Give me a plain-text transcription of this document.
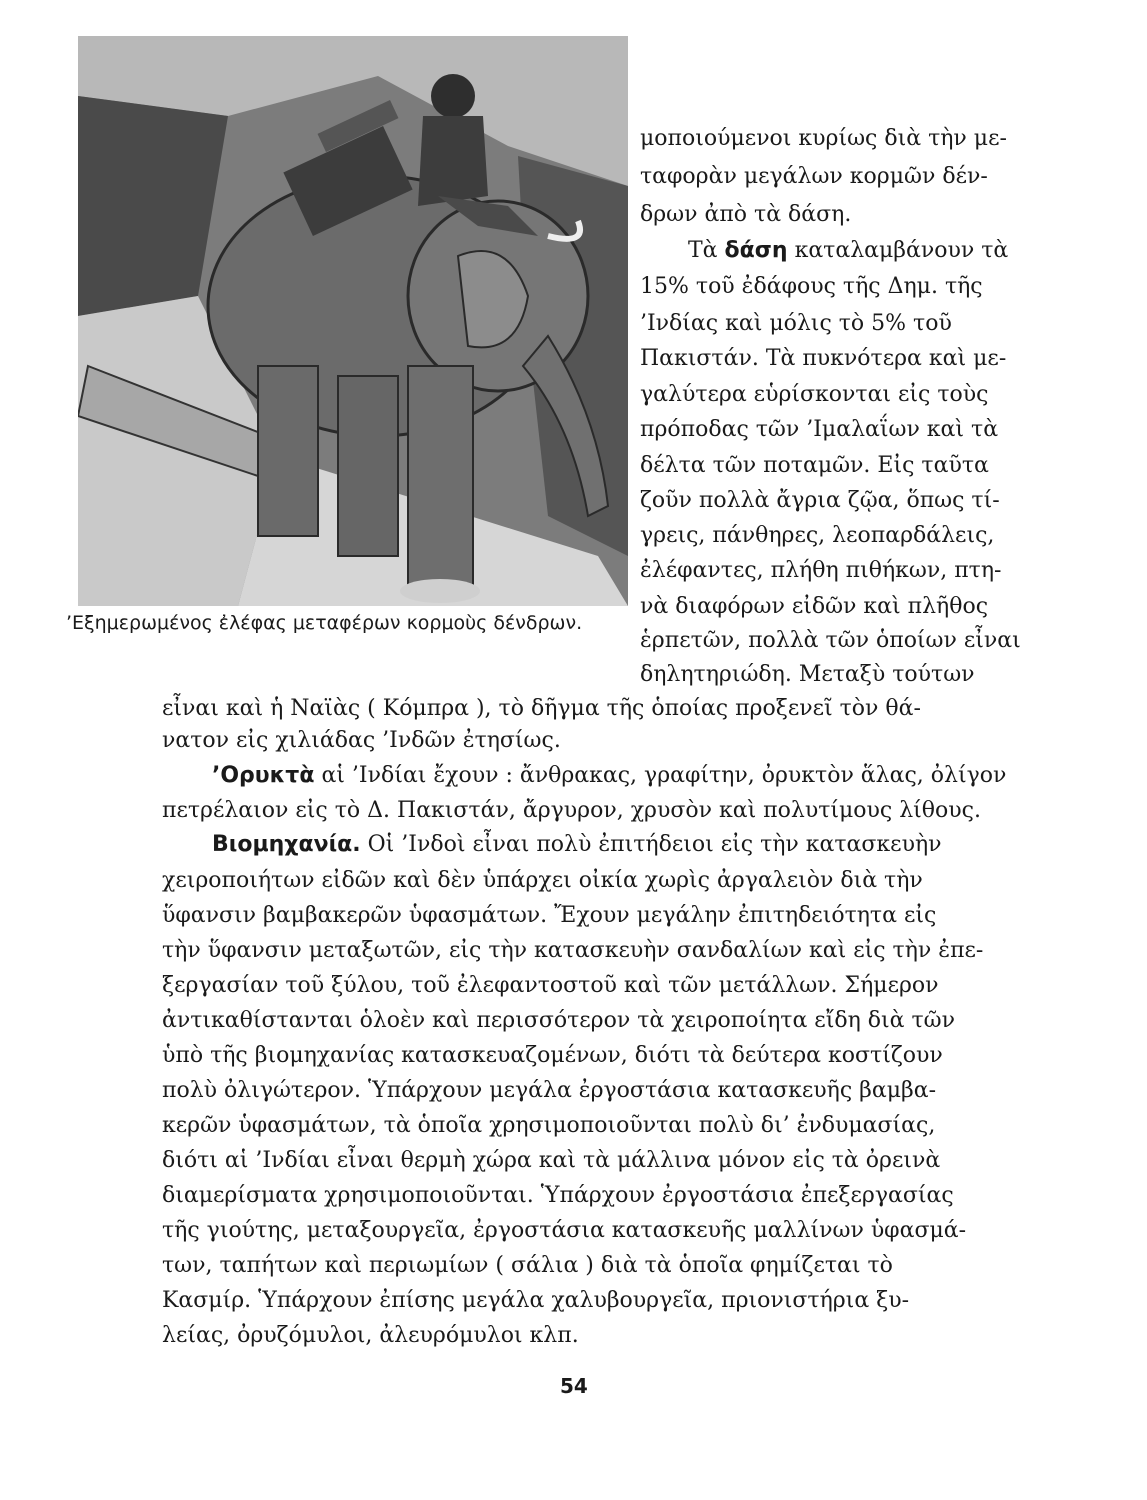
’Εξημερωμένος ἐλέφας μεταφέρων κορμοὺς δένδρων.
μοποιούμενοι κυρίως διὰ τὴν με-
ταφορὰν μεγάλων κορμῶν δέν-
δρων ἀπὸ τὰ δάση.
Τὰ δάση καταλαμβάνουν τὰ
15% τοῦ ἐδάφους τῆς Δημ. τῆς
’Ινδίας καὶ μόλις τὸ 5% τοῦ
Πακιστάν. Τὰ πυκνότερα καὶ με-
γαλύτερα εὑρίσκονται εἰς τοὺς
πρόποδας τῶν ’Ιμαλαΐων καὶ τὰ
δέλτα τῶν ποταμῶν. Εἰς ταῦτα
ζοῦν πολλὰ ἄγρια ζῷα, ὅπως τί-
γρεις, πάνθηρες, λεοπαρδάλεις,
ἐλέφαντες, πλήθη πιθήκων, πτη-
νὰ διαφόρων εἰδῶν καὶ πλῆθος
ἑρπετῶν, πολλὰ τῶν ὁποίων εἶναι
δηλητηριώδη. Μεταξὺ τούτων
εἶναι καὶ ἡ Ναϊὰς ( Κόμπρα ), τὸ δῆγμα τῆς ὁποίας προξενεῖ τὸν θά-
νατον εἰς χιλιάδας ’Ινδῶν ἐτησίως.
’Ορυκτὰ αἱ ’Ινδίαι ἔχουν : ἄνθρακας, γραφίτην, ὀρυκτὸν ἅλας, ὀλίγον
πετρέλαιον εἰς τὸ Δ. Πακιστάν, ἄργυρον, χρυσὸν καὶ πολυτίμους λίθους.
Βιομηχανία. Οἱ ’Ινδοὶ εἶναι πολὺ ἐπιτήδειοι εἰς τὴν κατασκευὴν
χειροποιήτων εἰδῶν καὶ δὲν ὑπάρχει οἰκία χωρὶς ἀργαλειὸν διὰ τὴν
ὕφανσιν βαμβακερῶν ὑφασμάτων. Ἔχουν μεγάλην ἐπιτηδειότητα εἰς
τὴν ὕφανσιν μεταξωτῶν, εἰς τὴν κατασκευὴν σανδαλίων καὶ εἰς τὴν ἐπε-
ξεργασίαν τοῦ ξύλου, τοῦ ἐλεφαντοστοῦ καὶ τῶν μετάλλων. Σήμερον
ἀντικαθίστανται ὁλοὲν καὶ περισσότερον τὰ χειροποίητα εἴδη διὰ τῶν
ὑπὸ τῆς βιομηχανίας κατασκευαζομένων, διότι τὰ δεύτερα κοστίζουν
πολὺ ὀλιγώτερον. Ὑπάρχουν μεγάλα ἐργοστάσια κατασκευῆς βαμβα-
κερῶν ὑφασμάτων, τὰ ὁποῖα χρησιμοποιοῦνται πολὺ δι’ ἐνδυμασίας,
διότι αἱ ’Ινδίαι εἶναι θερμὴ χώρα καὶ τὰ μάλλινα μόνον εἰς τὰ ὀρεινὰ
διαμερίσματα χρησιμοποιοῦνται. Ὑπάρχουν ἐργοστάσια ἐπεξεργασίας
τῆς γιούτης, μεταξουργεῖα, ἐργοστάσια κατασκευῆς μαλλίνων ὑφασμά-
των, ταπήτων καὶ περιωμίων ( σάλια ) διὰ τὰ ὁποῖα φημίζεται τὸ
Κασμίρ. Ὑπάρχουν ἐπίσης μεγάλα χαλυβουργεῖα, πριονιστήρια ξυ-
λείας, ὀρυζόμυλοι, ἀλευρόμυλοι κλπ.
54
